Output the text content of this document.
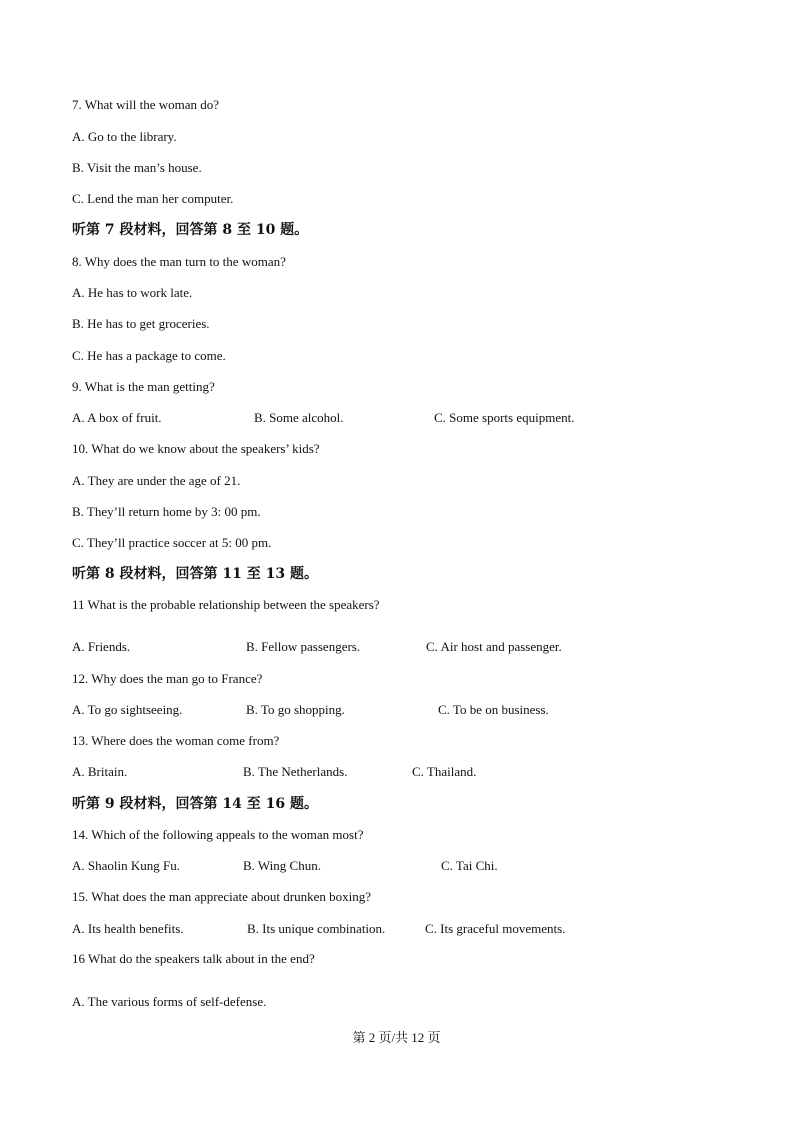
7. What will the woman do?
A. Go to the library.
B. Visit the man’s house.
C. Lend the man her computer.
听第 7 段材料，回答第 8 至 10 题。
8. Why does the man turn to the woman?
A. He has to work late.
B. He has to get groceries.
C. He has a package to come.
9. What is the man getting?
A. A box of fruit.	B. Some alcohol.	C. Some sports equipment.
10. What do we know about the speakers’ kids?
A. They are under the age of 21.
B. They’ll return home by 3: 00 pm.
C. They’ll practice soccer at 5: 00 pm.
听第 8 段材料，回答第 11 至 13 题。
11 What is the probable relationship between the speakers?
A. Friends.	B. Fellow passengers.	C. Air host and passenger.
12. Why does the man go to France?
A. To go sightseeing.	B. To go shopping.	C. To be on business.
13. Where does the woman come from?
A. Britain.	B. The Netherlands.	C. Thailand.
听第 9 段材料，回答第 14 至 16 题。
14. Which of the following appeals to the woman most?
A. Shaolin Kung Fu.	B. Wing Chun.	C. Tai Chi.
15. What does the man appreciate about drunken boxing?
A. Its health benefits.	B. Its unique combination.	C. Its graceful movements.
16 What do the speakers talk about in the end?
A. The various forms of self-defense.
第 2 页/共 12 页
